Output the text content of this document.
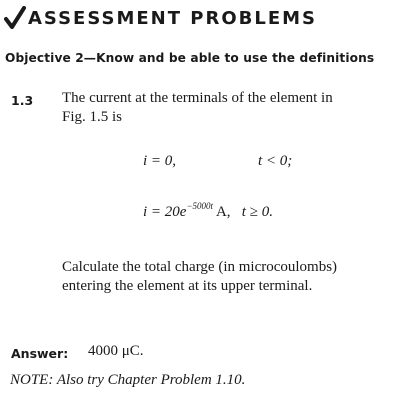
ASSESSMENT PROBLEMS
Objective 2—Know and be able to use the definitions
1.3 The current at the terminals of the element in
Fig. 1.5 is
i = 0,	t < 0;
$i = 20e^{-5000t}$ A, t ≥ 0.
Calculate the total charge (in microcoulombs)
entering the element at its upper terminal.
Answer: 4000 μC.
NOTE: Also try Chapter Problem 1.10.
